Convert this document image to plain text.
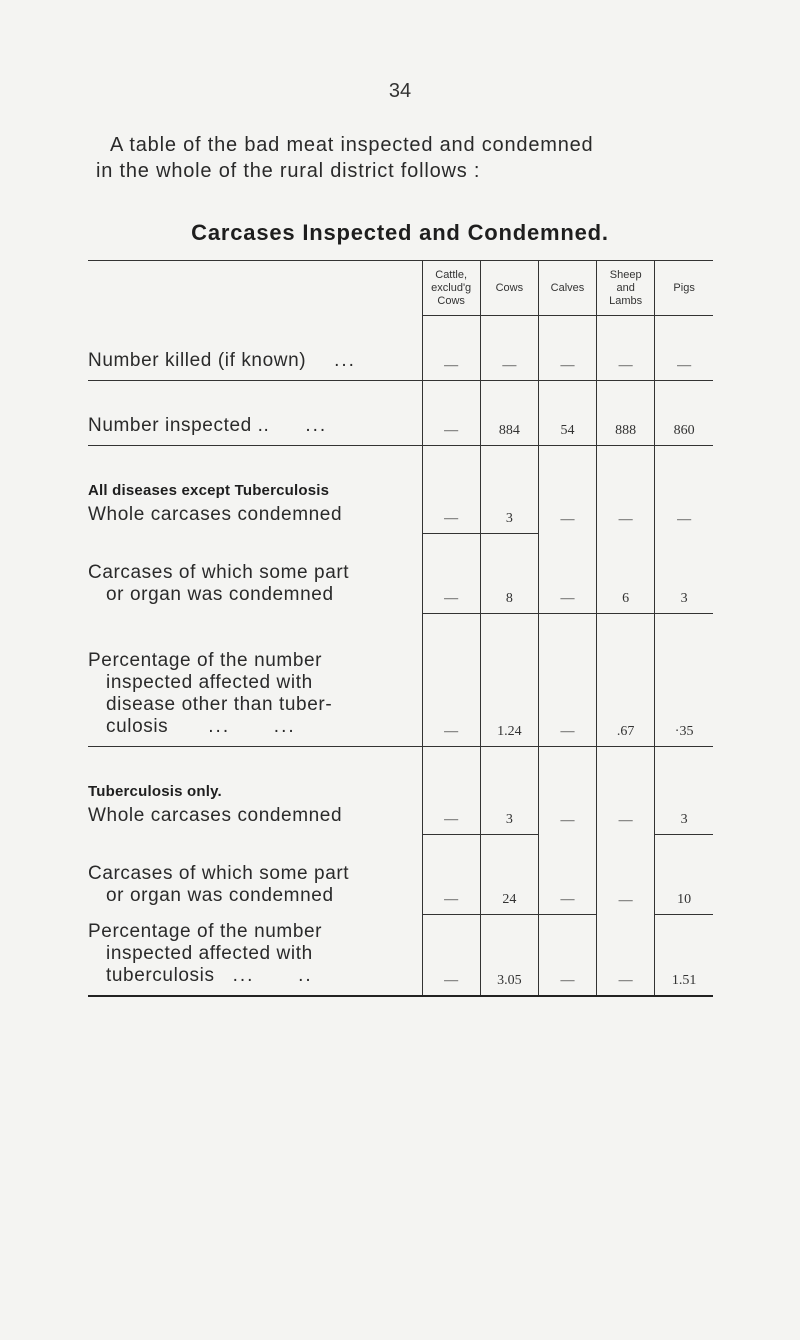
34
A table of the bad meat inspected and condemned
in the whole of the rural district follows :
Carcases Inspected and Condemned.
	Cattle, exclud'g Cows	Cows	Calves	Sheep and Lambs	Pigs
Number killed (if known) ...	—	—	—	—	—
Number inspected .. ...	—	884	54	888	860

All diseases except Tuberculosis
Whole carcases condemned	—	3	—	—	—
Carcases of which some part
or organ was condemned	—	8	—	6	3
Percentage of the number
inspected affected with
disease other than tuber-
culosis ...      ...	—	1.24	—	.67	·35

Tuberculosis only.
Whole carcases condemned	—	3	—	—	3
Carcases of which some part
or organ was condemned	—	24	—	—	10
Percentage of the number
inspected affected with
tuberculosis ...      ..	—	3.05	—	—	1.51
